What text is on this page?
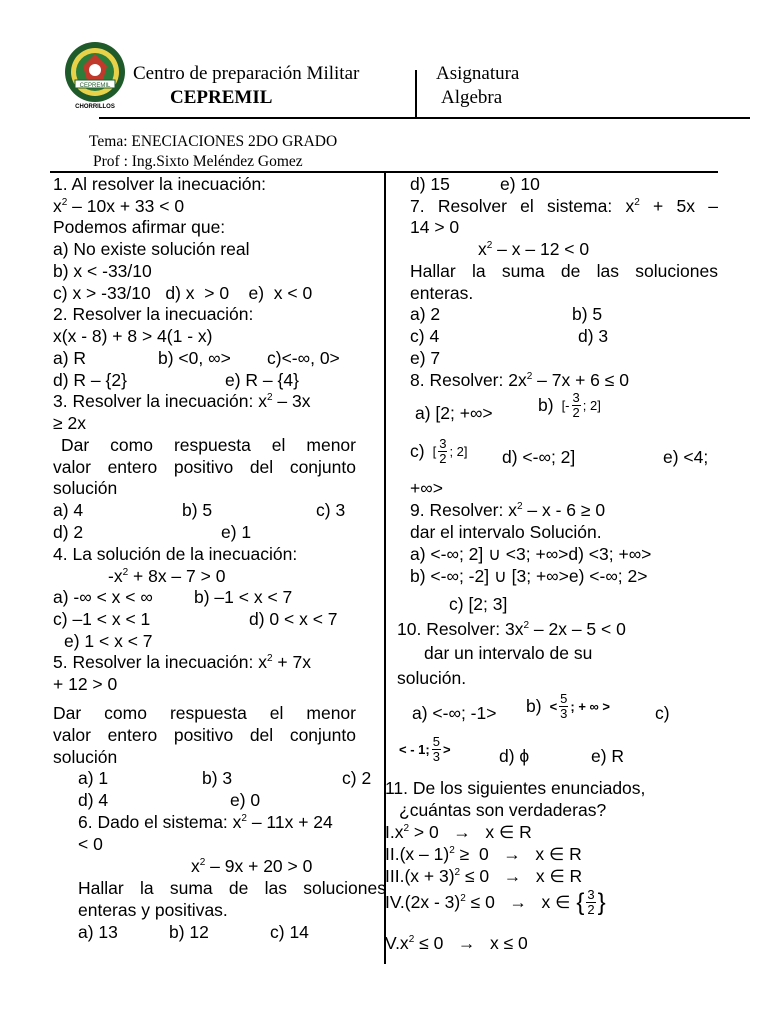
CEPREMIL
CHORRILLOS
Centro de preparación Militar
CEPREMIL
Asignatura
Algebra
Tema: ENECIACIONES 2DO GRADO
Prof : Ing.Sixto Meléndez Gomez
1. Al resolver la inecuación:
$x^2 - 10x + 33 < 0$
Podemos afirmar que:
a) No existe solución real
b) x < -33/10
c) x > -33/10   d) x  > 0    e)  x < 0
2. Resolver la inecuación:
x(x - 8) + 8 > 4(1 - x)
a) R	b) <0, ∞> c)<-∞, 0>
d) R – {2}	e) R – {4}
3. Resolver la inecuación: $x^2 - 3x$
≥ 2x
Dar como respuesta el menor
valor entero positivo del conjunto
solución
a) 4	b) 5	c) 3
d) 2	e) 1
4. La solución de la inecuación:
$-x^2 + 8x - 7 > 0$
a) -∞ < x < ∞ b) –1 < x < 7
c) –1 < x < 1	d) 0 < x < 7
e) 1 < x < 7
5. Resolver la inecuación: $x^2 + 7x$
+ 12 > 0
Dar como respuesta el menor
valor entero positivo del conjunto
solución
a) 1	b) 3	c) 2
d) 4	e) 0
6. Dado el sistema: $x^2 - 11x + 24$
< 0
$x^2 - 9x + 20 > 0$
Hallar la suma de las soluciones
enteras y positivas.
a) 13	b) 12	c) 14
d) 15	e) 10
7. Resolver el sistema: $x^2 + 5x$ –
14 > 0
$x^2 - x - 12 < 0$
Hallar la suma de las soluciones
enteras.
a) 2	b) 5
c) 4	d) 3
e) 7
8. Resolver: $2x^2 - 7x + 6 \le 0$
a) [2; +∞>	b) [- $\frac{3}{2}$ ; 2]
c) [ $\frac{3}{2}$ ; 2] d) <-∞; 2]	e) <4;
+∞>
9. Resolver: $x^2 - x - 6 \ge 0$
dar el intervalo Solución.
a) <-∞; 2] ∪ <3; +∞>d) <3; +∞>
b) <-∞; -2] ∪ [3; +∞>e) <-∞; 2>
c) [2; 3]
10. Resolver: $3x^2 - 2x - 5 < 0$
dar un intervalo de su
solución.
a) <-∞; $-1> b) < \frac{5}{3}$ ; + ∞ >	c)
< - 1; $\frac{5}{3}$ >	d) ϕ	e) R
11. De los siguientes enunciados,
¿cuántas son verdaderas?
$I.x^2 > 0 \to x$ ∈ R
II.(x – 1)$^2$ ≥  0   →   x ∈ R
$III.(x + 3)^2 \le 0 \to x$ ∈ R
IV.(2x - 3)$^2$ ≤ 0   →   x ∈ { $\frac{3}{2}$ }
$V.x^2 \le 0 \to x \le 0$
